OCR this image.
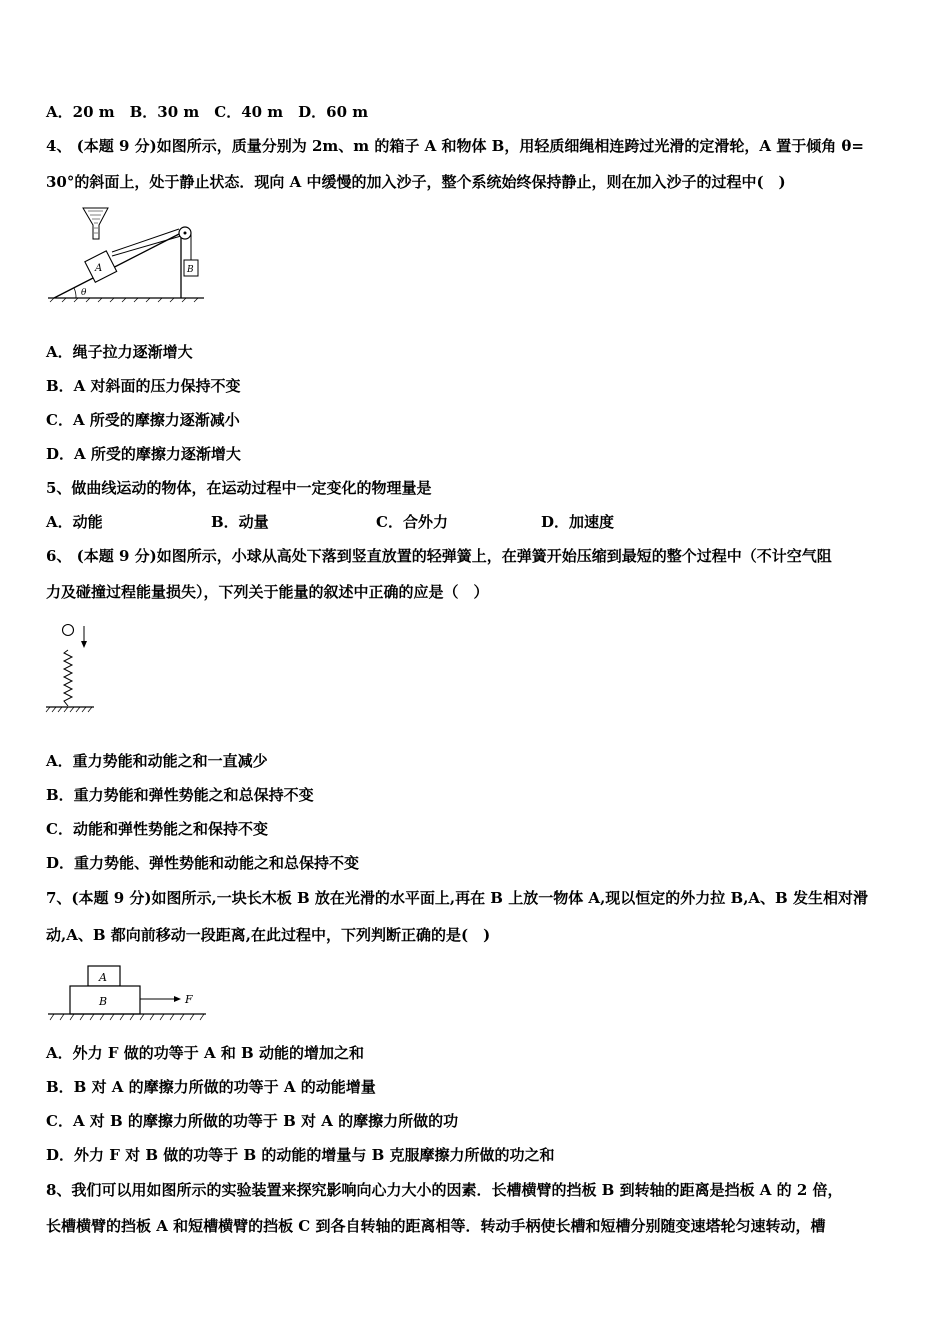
A．20 m　B．30 m　C．40 m　D．60 m
4、 (本题 9 分)如图所示，质量分别为 2m、m 的箱子 A 和物体 B，用轻质细绳相连跨过光滑的定滑轮，A 置于倾角 θ=
30°的斜面上，处于静止状态．现向 A 中缓慢的加入沙子，整个系统始终保持静止，则在加入沙子的过程中(　)
θ
A	B
A．绳子拉力逐渐增大
B．A 对斜面的压力保持不变
C．A 所受的摩擦力逐渐减小
D．A 所受的摩擦力逐渐增大
5、做曲线运动的物体，在运动过程中一定变化的物理量是
A．动能	B．动量	C．合外力	D．加速度
6、 (本题 9 分)如图所示，小球从高处下落到竖直放置的轻弹簧上，在弹簧开始压缩到最短的整个过程中（不计空气阻
力及碰撞过程能量损失），下列关于能量的叙述中正确的应是（　）
A．重力势能和动能之和一直减少
B．重力势能和弹性势能之和总保持不变
C．动能和弹性势能之和保持不变
D．重力势能、弹性势能和动能之和总保持不变
7、(本题 9 分)如图所示,一块长木板 B 放在光滑的水平面上,再在 B 上放一物体 A,现以恒定的外力拉 B,A、B 发生相对滑
动,A、B 都向前移动一段距离,在此过程中，下列判断正确的是(　)
A
B	F
A．外力 F 做的功等于 A 和 B 动能的增加之和
B．B 对 A 的摩擦力所做的功等于 A 的动能增量
C．A 对 B 的摩擦力所做的功等于 B 对 A 的摩擦力所做的功
D．外力 F 对 B 做的功等于 B 的动能的增量与 B 克服摩擦力所做的功之和
8、我们可以用如图所示的实验装置来探究影响向心力大小的因素．长槽横臂的挡板 B 到转轴的距离是挡板 A 的 2 倍，
长槽横臂的挡板 A 和短槽横臂的挡板 C 到各自转轴的距离相等．转动手柄使长槽和短槽分别随变速塔轮匀速转动，槽
